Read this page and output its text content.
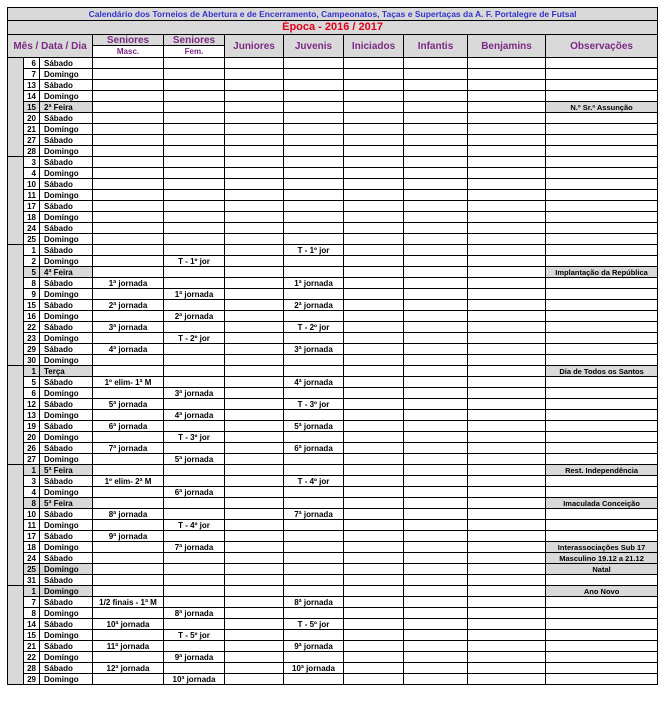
Calendário dos Torneios de Abertura e de Encerramento, Campeonatos, Taças e Supertaças da A. F. Portalegre de Futsal										
Época - 2016 / 2017										
Mês / Data / Dia			Seniores	Seniores	Juniores	Juvenis	Iniciados	Infantis	Benjamins	Observações
			Masc.	Fem.						
	6	Sábado								
	7	Domingo								
	13	Sábado								
	14	Domingo								
	15	2ª Feira								N.º Sr.ª Assunção
	20	Sábado								
	21	Domingo								
	27	Sábado								
	28	Domingo								
	3	Sábado								
	4	Domingo								
	10	Sábado								
	11	Domingo								
	17	Sábado								
	18	Domingo								
	24	Sábado								
	25	Domingo								
	1	Sábado				T - 1º jor				
	2	Domingo		T - 1º jor						
	5	4ª Feira								Implantação da República
	8	Sábado	1ª jornada			1ª jornada				
	9	Domingo		1ª jornada						
	15	Sábado	2ª jornada			2ª jornada				
	16	Domingo		2ª jornada						
	22	Sábado	3ª jornada			T - 2º jor				
	23	Domingo		T - 2º jor						
	29	Sábado	4ª jornada			3ª jornada				
	30	Domingo								
	1	Terça								Dia de Todos os Santos
	5	Sábado	1º elim- 1ª M			4ª jornada				
	6	Domingo		3ª jornada						
	12	Sábado	5ª jornada			T - 3º jor				
	13	Domingo		4ª jornada						
	19	Sábado	6ª jornada			5ª jornada				
	20	Domingo		T - 3º jor						
	26	Sábado	7ª jornada			6ª jornada				
	27	Domingo		5ª jornada						
	1	5ª Feira								Rest. Independência
	3	Sábado	1º elim- 2ª M			T - 4º jor				
	4	Domingo		6ª jornada						
	8	5ª Feira								Imaculada Conceição
	10	Sábado	8ª jornada			7ª jornada				
	11	Domingo		T - 4º jor						
	17	Sábado	9ª jornada							
	18	Domingo		7ª jornada						Interassociações Sub 17
	24	Sábado								Masculino 19.12 a 21.12
	25	Domingo								Natal
	31	Sábado								
	1	Domingo								Ano Novo
	7	Sábado	1/2 finais - 1ª M			8ª jornada				
	8	Domingo		8ª jornada						
	14	Sábado	10ª jornada			T - 5º jor				
	15	Domingo		T - 5º jor						
	21	Sábado	11ª jornada			9ª jornada				
	22	Domingo		9ª jornada						
	28	Sábado	12ª jornada			10ª jornada				
	29	Domingo		10ª jornada						
